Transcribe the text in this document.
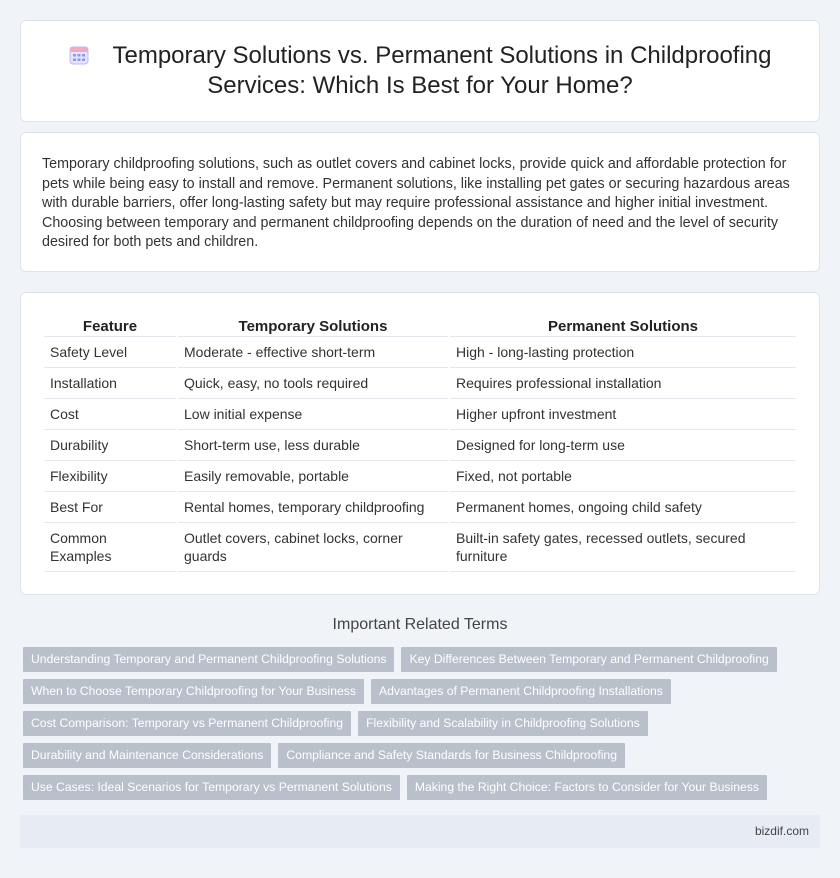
Temporary Solutions vs. Permanent Solutions in Childproofing Services: Which Is Best for Your Home?

Temporary childproofing solutions, such as outlet covers and cabinet locks, provide quick and affordable protection for pets while being easy to install and remove. Permanent solutions, like installing pet gates or securing hazardous areas with durable barriers, offer long-lasting safety but may require professional assistance and higher initial investment. Choosing between temporary and permanent childproofing depends on the duration of need and the level of security desired for both pets and children.

Feature	Temporary Solutions	Permanent Solutions
Safety Level	Moderate - effective short-term	High - long-lasting protection
Installation	Quick, easy, no tools required	Requires professional installation
Cost	Low initial expense	Higher upfront investment
Durability	Short-term use, less durable	Designed for long-term use
Flexibility	Easily removable, portable	Fixed, not portable
Best For	Rental homes, temporary childproofing	Permanent homes, ongoing child safety
Common Examples	Outlet covers, cabinet locks, corner guards	Built-in safety gates, recessed outlets, secured furniture
Important Related Terms
Understanding Temporary and Permanent Childproofing Solutions Key Differences Between Temporary and Permanent Childproofing
When to Choose Temporary Childproofing for Your Business Advantages of Permanent Childproofing Installations
Cost Comparison: Temporary vs Permanent Childproofing Flexibility and Scalability in Childproofing Solutions
Durability and Maintenance Considerations Compliance and Safety Standards for Business Childproofing
Use Cases: Ideal Scenarios for Temporary vs Permanent Solutions Making the Right Choice: Factors to Consider for Your Business
bizdif.com
